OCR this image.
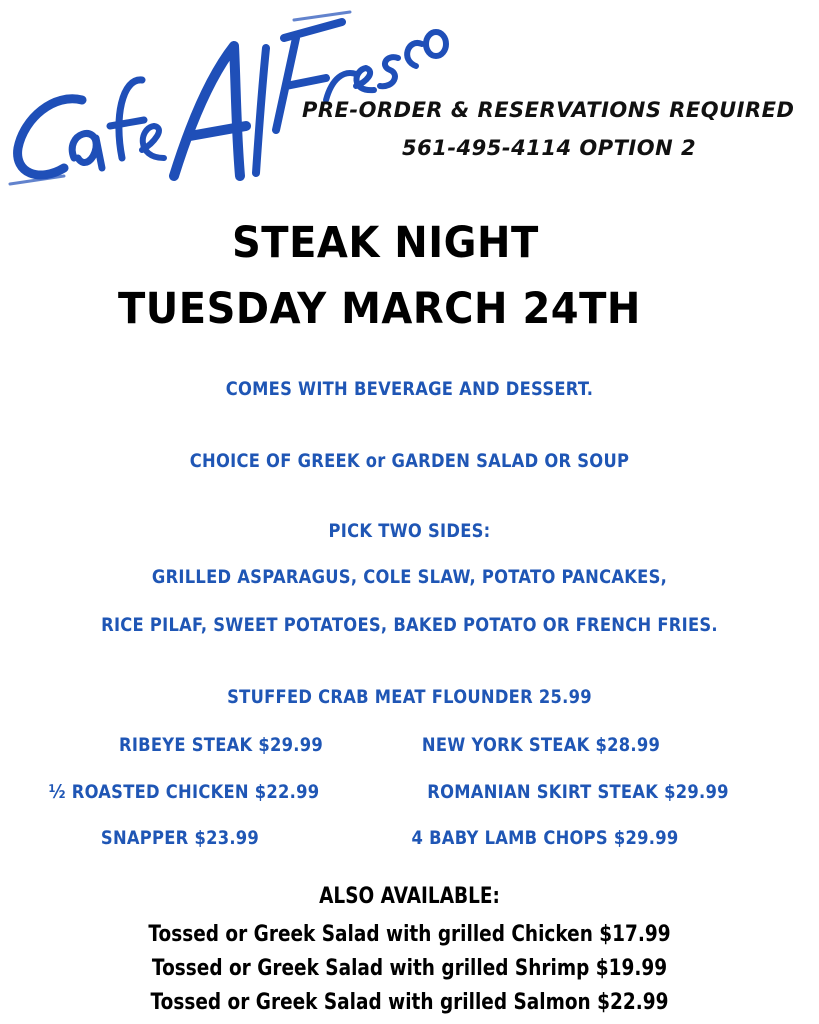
PRE-ORDER & RESERVATIONS REQUIRED
561-495-4114 OPTION 2
STEAK NIGHT
TUESDAY MARCH 24TH
COMES WITH BEVERAGE AND DESSERT.
CHOICE OF GREEK or GARDEN SALAD OR SOUP
PICK TWO SIDES:
GRILLED ASPARAGUS, COLE SLAW, POTATO PANCAKES,
RICE PILAF, SWEET POTATOES, BAKED POTATO OR FRENCH FRIES.
STUFFED CRAB MEAT FLOUNDER 25.99
RIBEYE STEAK $29.99	NEW YORK STEAK $28.99
½ ROASTED CHICKEN $22.99	ROMANIAN SKIRT STEAK $29.99
SNAPPER $23.99	4 BABY LAMB CHOPS $29.99
ALSO AVAILABLE:
Tossed or Greek Salad with grilled Chicken $17.99
Tossed or Greek Salad with grilled Shrimp $19.99
Tossed or Greek Salad with grilled Salmon $22.99
